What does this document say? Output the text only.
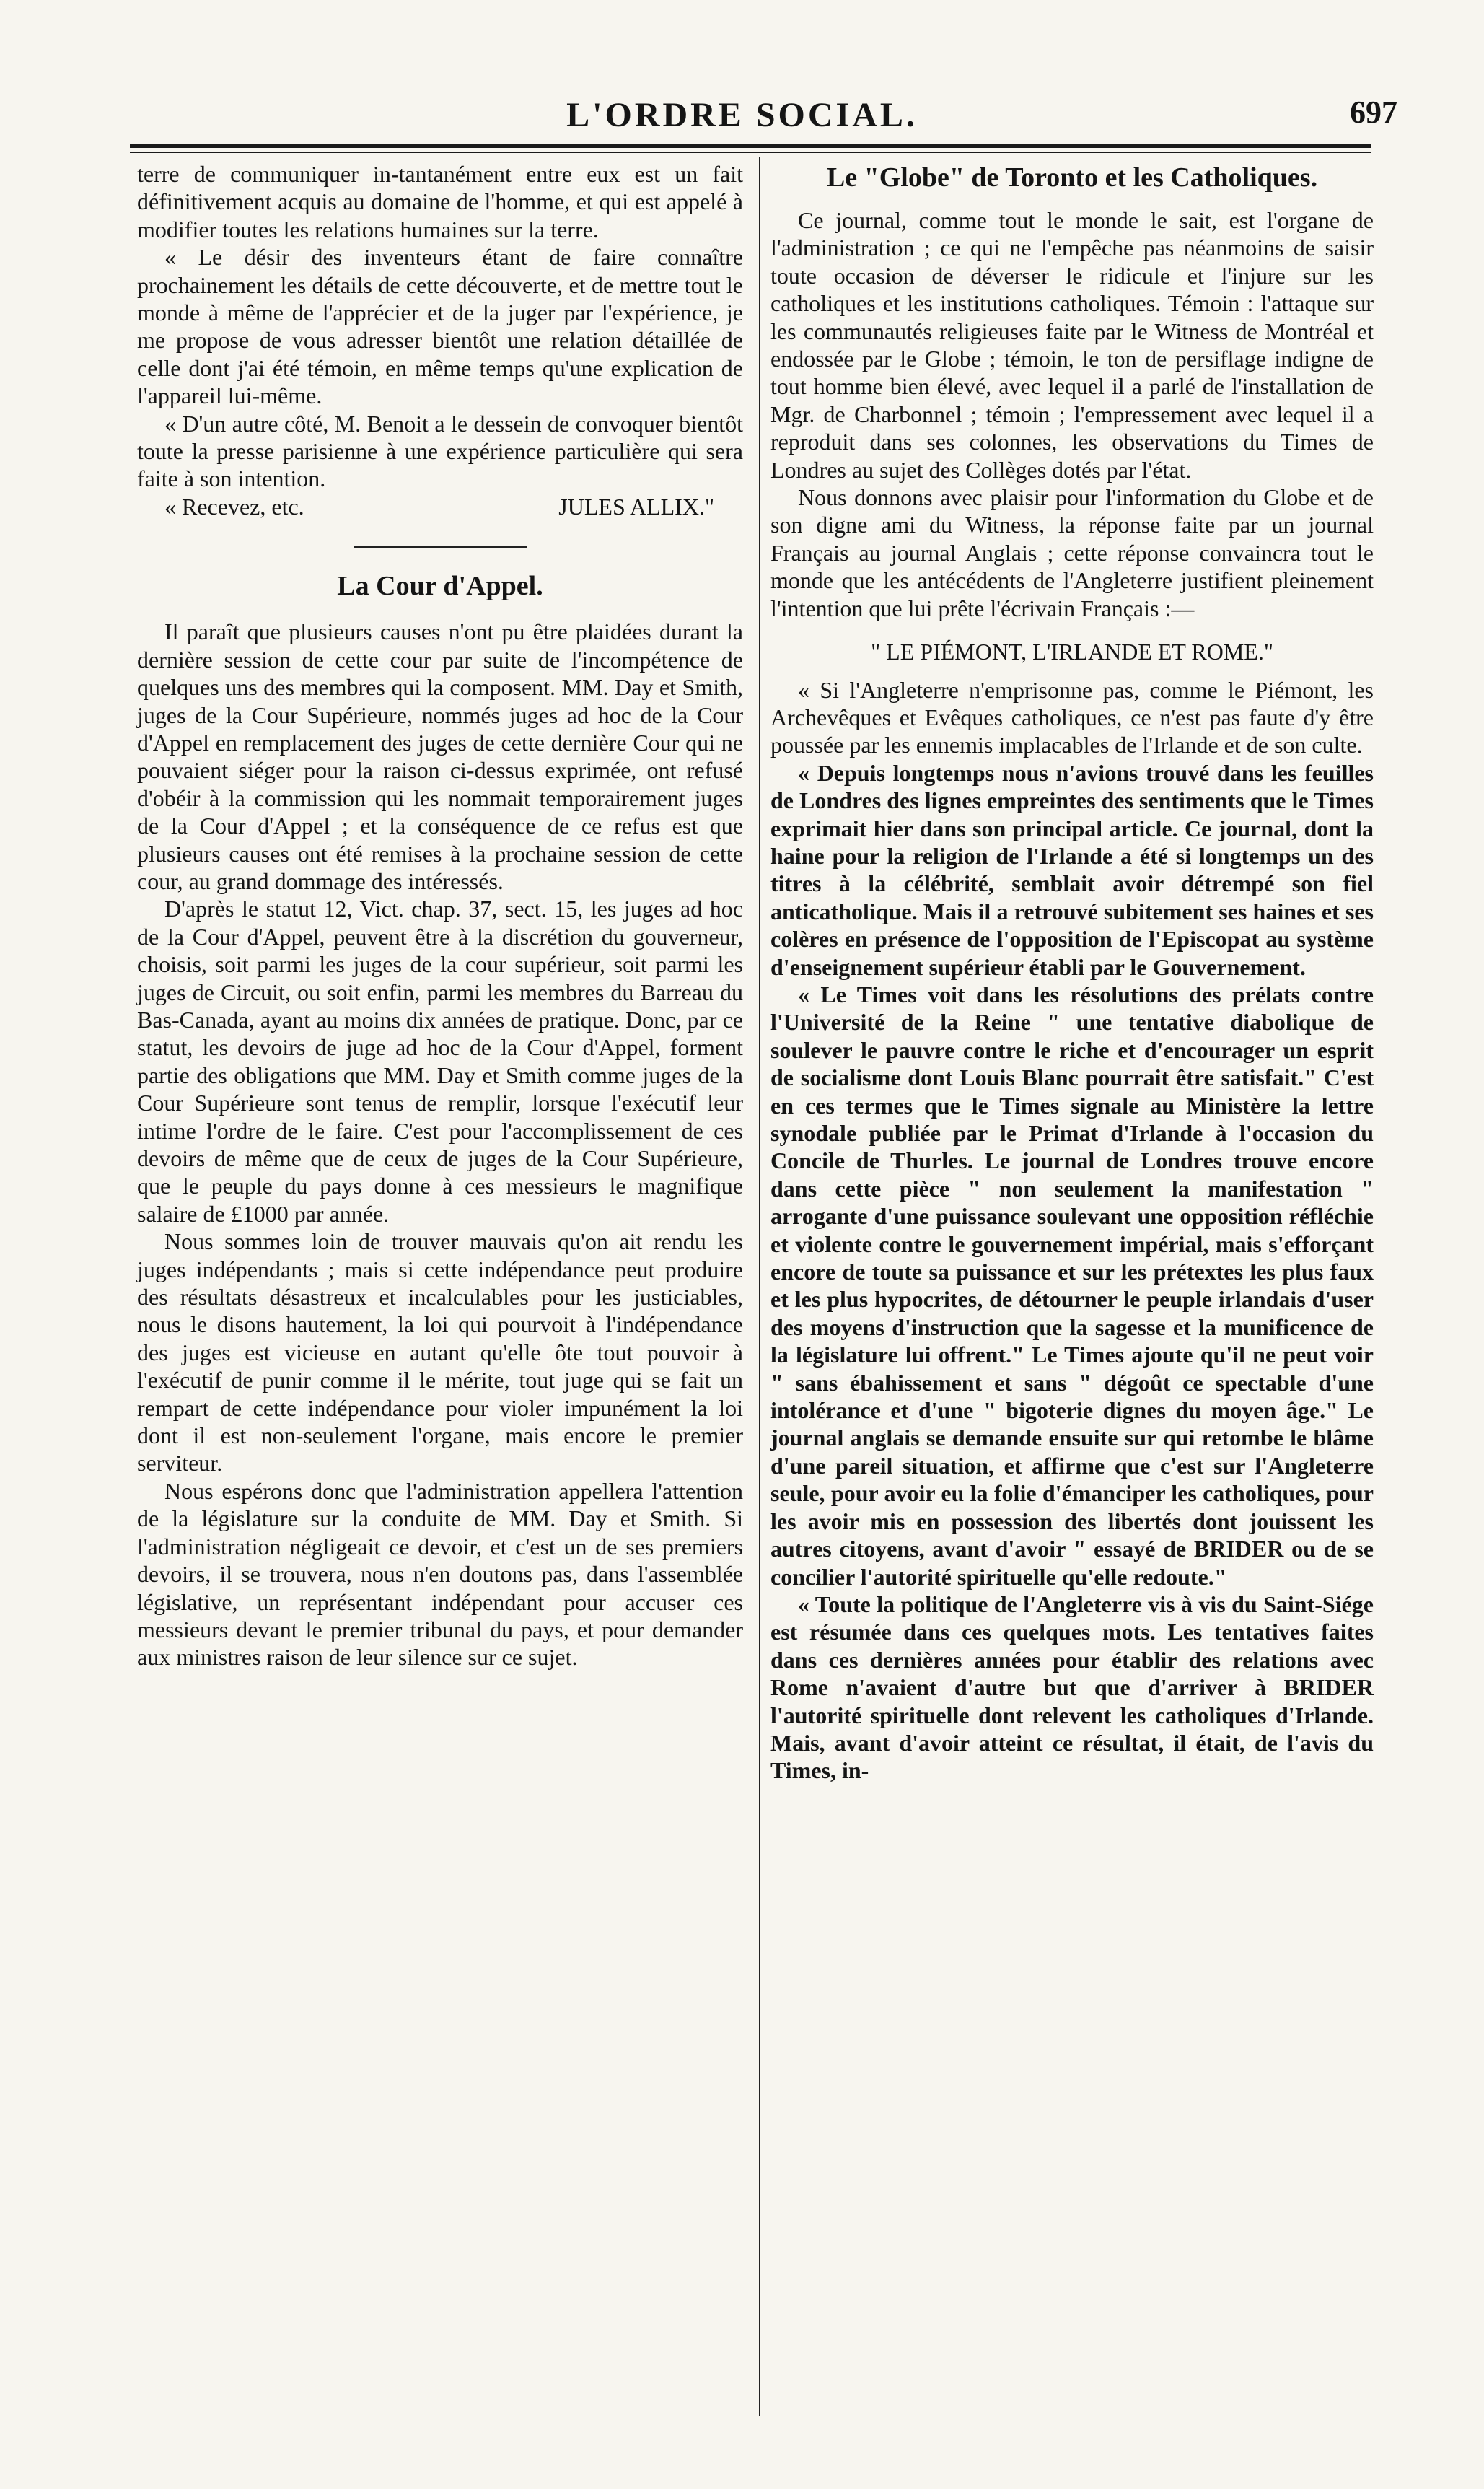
L'ORDRE SOCIAL.	697

terre de communiquer in-tantanément entre eux est un fait définitivement acquis au domaine de l'homme, et qui est appelé à modifier toutes les relations humaines sur la terre.

« Le désir des inventeurs étant de faire connaître prochainement les détails de cette découverte, et de mettre tout le monde à même de l'apprécier et de la juger par l'expérience, je me propose de vous adresser bientôt une relation détaillée de celle dont j'ai été témoin, en même temps qu'une explication de l'appareil lui-même.

« D'un autre côté, M. Benoit a le dessein de convoquer bientôt toute la presse parisienne à une expérience particulière qui sera faite à son intention.

« Recevez, etc.	JULES ALLIX."
La Cour d'Appel.

Il paraît que plusieurs causes n'ont pu être plaidées durant la dernière session de cette cour par suite de l'incompétence de quelques uns des membres qui la composent. MM. Day et Smith, juges de la Cour Supérieure, nommés juges ad hoc de la Cour d'Appel en remplacement des juges de cette dernière Cour qui ne pouvaient siéger pour la raison ci-dessus exprimée, ont refusé d'obéir à la commission qui les nommait temporairement juges de la Cour d'Appel ; et la conséquence de ce refus est que plusieurs causes ont été remises à la prochaine session de cette cour, au grand dommage des intéressés.

D'après le statut 12, Vict. chap. 37, sect. 15, les juges ad hoc de la Cour d'Appel, peuvent être à la discrétion du gouverneur, choisis, soit parmi les juges de la cour supérieur, soit parmi les juges de Circuit, ou soit enfin, parmi les membres du Barreau du Bas-Canada, ayant au moins dix années de pratique. Donc, par ce statut, les devoirs de juge ad hoc de la Cour d'Appel, forment partie des obligations que MM. Day et Smith comme juges de la Cour Supérieure sont tenus de remplir, lorsque l'exécutif leur intime l'ordre de le faire. C'est pour l'accomplissement de ces devoirs de même que de ceux de juges de la Cour Supérieure, que le peuple du pays donne à ces messieurs le magnifique salaire de £1000 par année.

Nous sommes loin de trouver mauvais qu'on ait rendu les juges indépendants ; mais si cette indépendance peut produire des résultats désastreux et incalculables pour les justiciables, nous le disons hautement, la loi qui pourvoit à l'indépendance des juges est vicieuse en autant qu'elle ôte tout pouvoir à l'exécutif de punir comme il le mérite, tout juge qui se fait un rempart de cette indépendance pour violer impunément la loi dont il est non-seulement l'organe, mais encore le premier serviteur.

Nous espérons donc que l'administration appellera l'attention de la législature sur la conduite de MM. Day et Smith. Si l'administration négligeait ce devoir, et c'est un de ses premiers devoirs, il se trouvera, nous n'en doutons pas, dans l'assemblée législative, un représentant indépendant pour accuser ces messieurs devant le premier tribunal du pays, et pour demander aux ministres raison de leur silence sur ce sujet.

Le "Globe" de Toronto et les Catholiques.

Ce journal, comme tout le monde le sait, est l'organe de l'administration ; ce qui ne l'empêche pas néanmoins de saisir toute occasion de déverser le ridicule et l'injure sur les catholiques et les institutions catholiques. Témoin : l'attaque sur les communautés religieuses faite par le Witness de Montréal et endossée par le Globe ; témoin, le ton de persiflage indigne de tout homme bien élevé, avec lequel il a parlé de l'installation de Mgr. de Charbonnel ; témoin ; l'empressement avec lequel il a reproduit dans ses colonnes, les observations du Times de Londres au sujet des Collèges dotés par l'état.

Nous donnons avec plaisir pour l'information du Globe et de son digne ami du Witness, la réponse faite par un journal Français au journal Anglais ; cette réponse convaincra tout le monde que les antécédents de l'Angleterre justifient pleinement l'intention que lui prête l'écrivain Français :—

" LE PIÉMONT, L'IRLANDE ET ROME."

« Si l'Angleterre n'emprisonne pas, comme le Piémont, les Archevêques et Evêques catholiques, ce n'est pas faute d'y être poussée par les ennemis implacables de l'Irlande et de son culte.

« Depuis longtemps nous n'avions trouvé dans les feuilles de Londres des lignes empreintes des sentiments que le Times exprimait hier dans son principal article. Ce journal, dont la haine pour la religion de l'Irlande a été si longtemps un des titres à la célébrité, semblait avoir détrempé son fiel anticatholique. Mais il a retrouvé subitement ses haines et ses colères en présence de l'opposition de l'Episcopat au système d'enseignement supérieur établi par le Gouvernement.

« Le Times voit dans les résolutions des prélats contre l'Université de la Reine " une tentative diabolique de soulever le pauvre contre le riche et d'encourager un esprit de socialisme dont Louis Blanc pourrait être satisfait." C'est en ces termes que le Times signale au Ministère la lettre synodale publiée par le Primat d'Irlande à l'occasion du Concile de Thurles. Le journal de Londres trouve encore dans cette pièce " non seulement la manifestation " arrogante d'une puissance soulevant une opposition réfléchie et violente contre le gouvernement impérial, mais s'efforçant encore de toute sa puissance et sur les prétextes les plus faux et les plus hypocrites, de détourner le peuple irlandais d'user des moyens d'instruction que la sagesse et la munificence de la législature lui offrent." Le Times ajoute qu'il ne peut voir " sans ébahissement et sans " dégoût ce spectable d'une intolérance et d'une " bigoterie dignes du moyen âge." Le journal anglais se demande ensuite sur qui retombe le blâme d'une pareil situation, et affirme que c'est sur l'Angleterre seule, pour avoir eu la folie d'émanciper les catholiques, pour les avoir mis en possession des libertés dont jouissent les autres citoyens, avant d'avoir " essayé de BRIDER ou de se concilier l'autorité spirituelle qu'elle redoute."

« Toute la politique de l'Angleterre vis à vis du Saint-Siége est résumée dans ces quelques mots. Les tentatives faites dans ces dernières années pour établir des relations avec Rome n'avaient d'autre but que d'arriver à BRIDER l'autorité spirituelle dont relevent les catholiques d'Irlande. Mais, avant d'avoir atteint ce résultat, il était, de l'avis du Times, in-
